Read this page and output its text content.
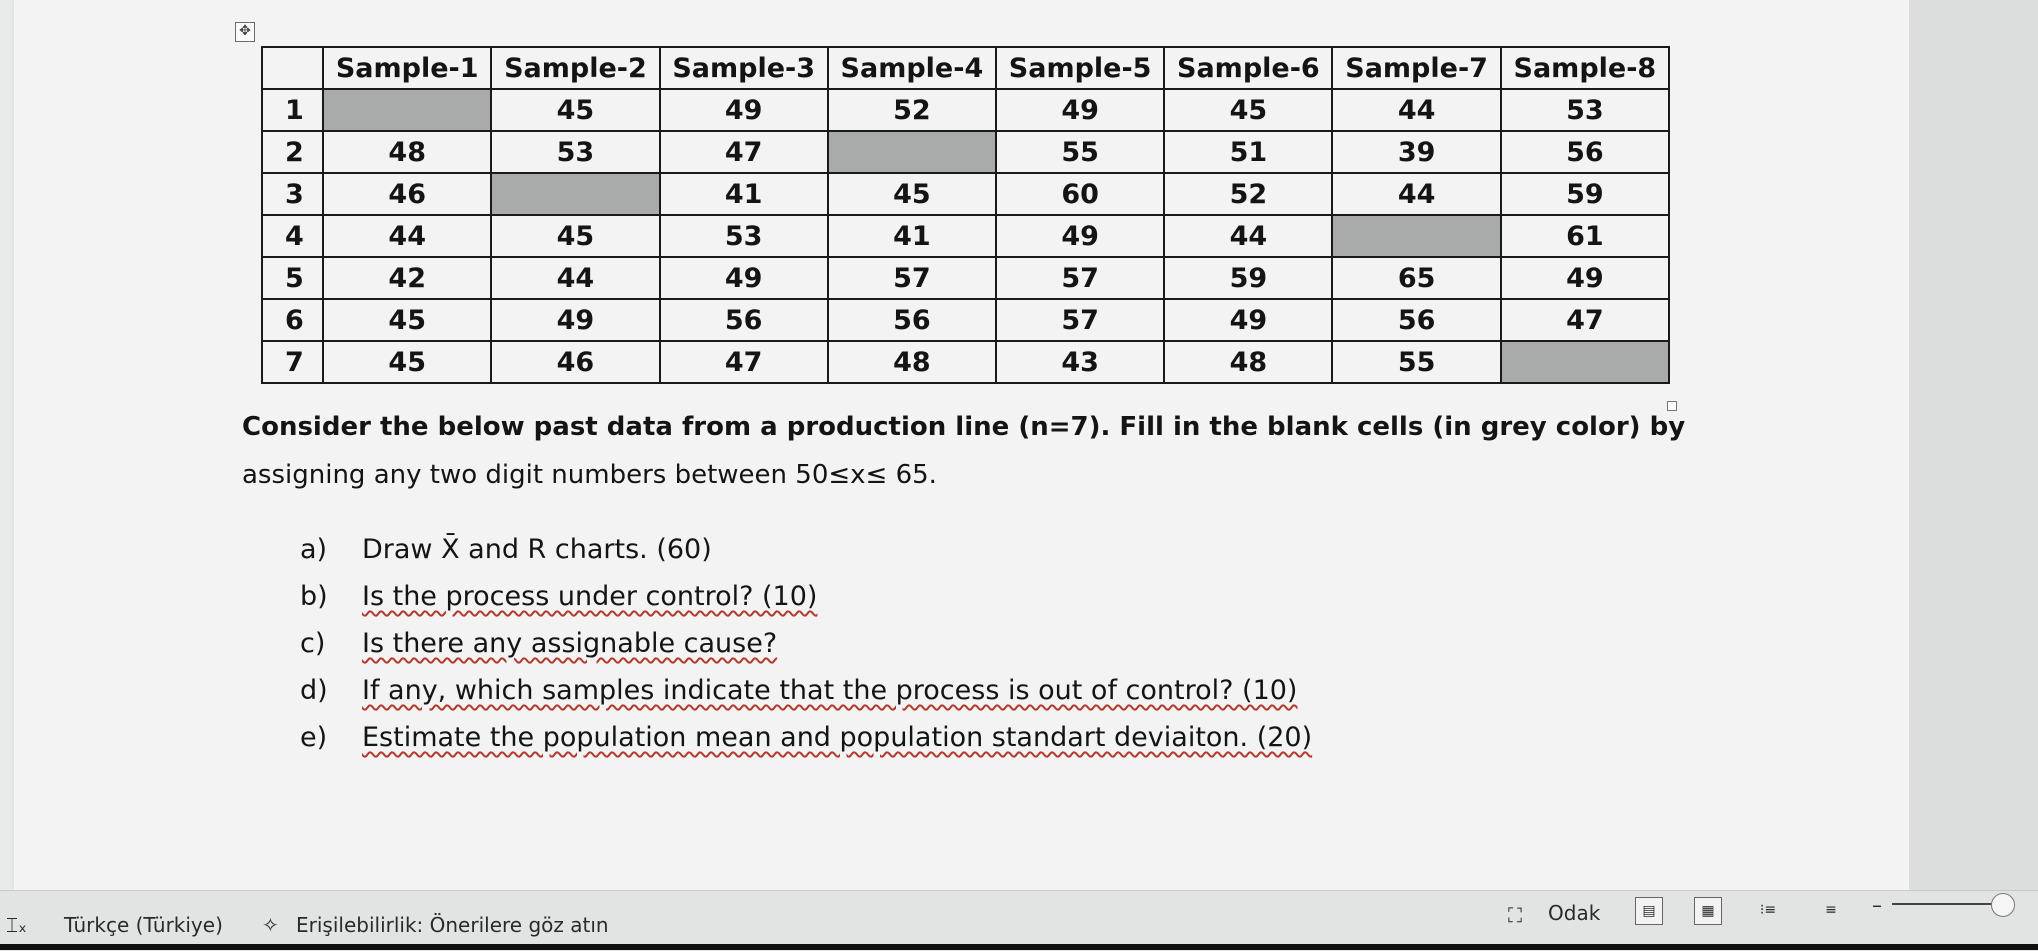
✥
	Sample-1	Sample-2	Sample-3	Sample-4	Sample-5	Sample-6	Sample-7	Sample-8
1		45	49	52	49	45	44	53
2	48	53	47		55	51	39	56
3	46		41	45	60	52	44	59
4	44	45	53	41	49	44		61
5	42	44	49	57	57	59	65	49
6	45	49	56	56	57	49	56	47
7	45	46	47	48	43	48	55	
Consider the below past data from a production line (n=7). Fill in the blank cells (in grey color) by
assigning any two digit numbers between 50≤x≤ 65.
a) Draw X̄ and R charts. (60)
b) Is the process under control? (10)
c) Is there any assignable cause?
d) If any, which samples indicate that the process is out of control? (10)
e) Estimate the population mean and population standart deviaiton. (20)
⌶ₓ Türkçe (Türkiye) ✧ Erişilebilirlik: Önerilere göz atın	⛶ Odak	▤	▦	⁝≡	≡	–
